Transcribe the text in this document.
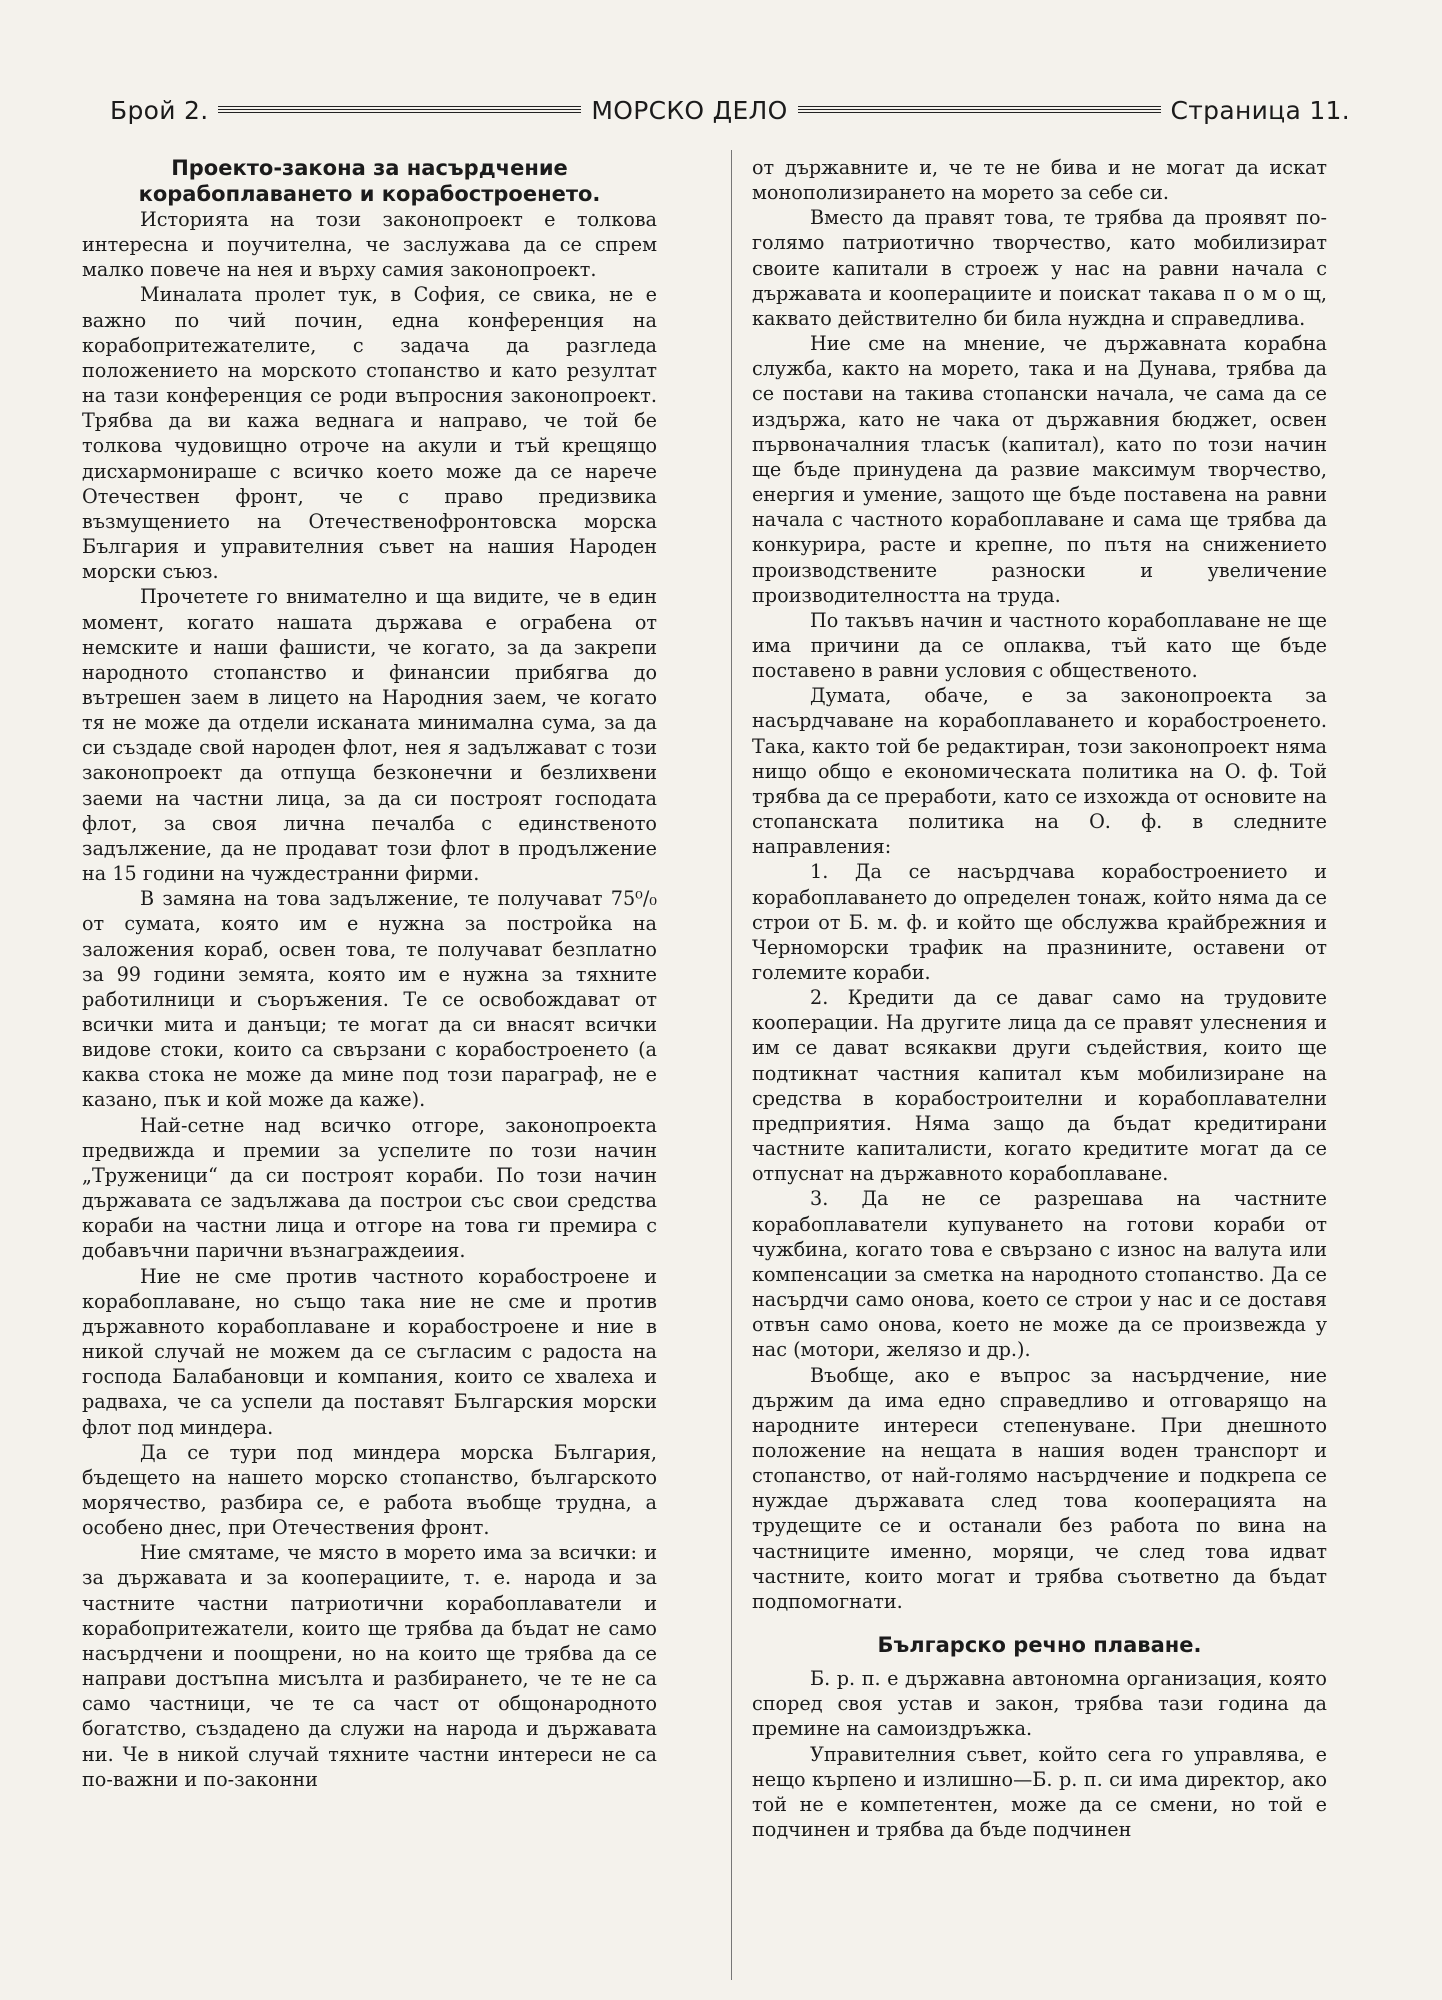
Брой 2.	МОРСКО ДЕЛО	Страница 11.
Проекто-закона за насърдчение корабоплаването и корабостроенето.

Историята на този законопроект е толкова интересна и поучителна, че заслужава да се спрем малко повече на нея и върху самия законопроект.

Миналата пролет тук, в София, се свика, не е важно по чий почин, една конференция на корабопритежателите, с задача да разгледа положението на морското стопанство и като резултат на тази конференция се роди въпросния законопроект. Трябва да ви кажа веднага и направо, че той бе толкова чудовищно отроче на акули и тъй крещящо дисхармонираше с всичко което може да се нарече Отечествен фронт, че с право предизвика възмущението на Отечественофронтовска морска България и управителния съвет на нашия Народен морски съюз.

Прочетете го внимателно и ща видите, че в един момент, когато нашата държава е ограбена от немските и наши фашисти, че когато, за да закрепи народното стопанство и финансии прибягва до вътрешен заем в лицето на Народния заем, че когато тя не може да отдели исканата минимална сума, за да си създаде свой народен флот, нея я задължават с този законопроект да отпуща безконечни и безлихвени заеми на частни лица, за да си построят господата флот, за своя лична печалба с единственото задължение, да не продават този флот в продължение на 15 години на чуждестранни фирми.

В замяна на това задължение, те получават 75⁰/₀ от сумата, която им е нужна за постройка на заложения кораб, освен това, те получават безплатно за 99 години земята, която им е нужна за тяхните работилници и съоръжения. Те се освобождават от всички мита и данъци; те могат да си внасят всички видове стоки, които са свързани с корабостроенето (а каква стока не може да мине под този параграф, не е казано, пък и кой може да каже).

Най-сетне над всичко отгоре, законопроекта предвижда и премии за успелите по този начин „Труженици“ да си построят кораби. По този начин държавата се задължава да построи със свои средства кораби на частни лица и отгоре на това ги премира с добавъчни парични възнаграждеиия.

Ние не сме против частното корабостроене и корабоплаване, но също така ние не сме и против държавното корабоплаване и корабостроене и ние в никой случай не можем да се съгласим с радоста на господа Балабановци и компания, които се хвалеха и радваха, че са успели да поставят Българския морски флот под миндера.

Да се тури под миндера морска България, бъдещето на нашето морско стопанство, българското морячество, разбира се, е работа въобще трудна, а особено днес, при Отечествения фронт.

Ние смятаме, че място в морето има за всички: и за държавата и за кооперациите, т. е. народа и за частните частни патриотични корабоплаватели и корабопритежатели, които ще трябва да бъдат не само насърдчени и поощрени, но на които ще трябва да се направи достъпна мисълта и разбирането, че те не са само частници, че те са част от общонародното богатство, създадено да служи на народа и държавата ни. Че в никой случай тяхните частни интереси не са по-важни и по-законни

от държавните и, че те не бива и не могат да искат монополизирането на морето за себе си.

Вместо да правят това, те трябва да проявят по-голямо патриотично творчество, като мобилизират своите капитали в строеж у нас на равни начала с държавата и кооперациите и поискат такава п о м о щ, каквато действително би била нуждна и справедлива.

Ние сме на мнение, че държавната корабна служба, както на морето, така и на Дунава, трябва да се постави на такива стопански начала, че сама да се издържа, като не чака от държавния бюджет, освен първоначалния тласък (капитал), като по този начин ще бъде принудена да развие максимум творчество, енергия и умение, защото ще бъде поставена на равни начала с частното корабоплаване и сама ще трябва да конкурира, расте и крепне, по пътя на снижението производствените разноски и увеличение производителността на труда.

По такъвъ начин и частното корабоплаване не ще има причини да се оплаква, тъй като ще бъде поставено в равни условия с общественото.

Думата, обаче, е за законопроекта за насърдчаване на корабоплаването и корабостроенето. Така, както той бе редактиран, този законопроект няма нищо общо е економическата политика на О. ф. Той трябва да се преработи, като се изхожда от основите на стопанската политика на О. ф. в следните направления:

1. Да се насърдчава корабостроението и корабоплаването до определен тонаж, който няма да се строи от Б. м. ф. и който ще обслужва крайбрежния и Черноморски трафик на празнините, оставени от големите кораби.

2. Кредити да се даваг само на трудовите кооперации. На другите лица да се правят улеснения и им се дават всякакви други съдействия, които ще подтикнат частния капитал към мобилизиране на средства в корабостроителни и корабоплавателни предприятия. Няма защо да бъдат кредитирани частните капиталисти, когато кредитите могат да се отпуснат на държавното корабоплаване.

3. Да не се разрешава на частните корабоплаватели купуването на готови кораби от чужбина, когато това е свързано с износ на валута или компенсации за сметка на народното стопанство. Да се насърдчи само онова, което се строи у нас и се доставя отвън само онова, което не може да се произвежда у нас (мотори, желязо и др.).

Въобще, ако е въпрос за насърдчение, ние държим да има едно справедливо и отговарящо на народните интереси степенуване. При днешното положение на нещата в нашия воден транспорт и стопанство, от най-голямо насърдчение и подкрепа се нуждае държавата след това кооперацията на трудещите се и останали без работа по вина на частниците именно, моряци, че след това идват частните, които могат и трябва съответно да бъдат подпомогнати.

Българско речно плаване.

Б. р. п. е държавна автономна организация, която според своя устав и закон, трябва тази година да премине на самоиздръжка.

Управителния съвет, който сега го управлява, е нещо кърпено и излишно—Б. р. п. си има директор, ако той не е компетентен, може да се смени, но той е подчинен и трябва да бъде подчинен
